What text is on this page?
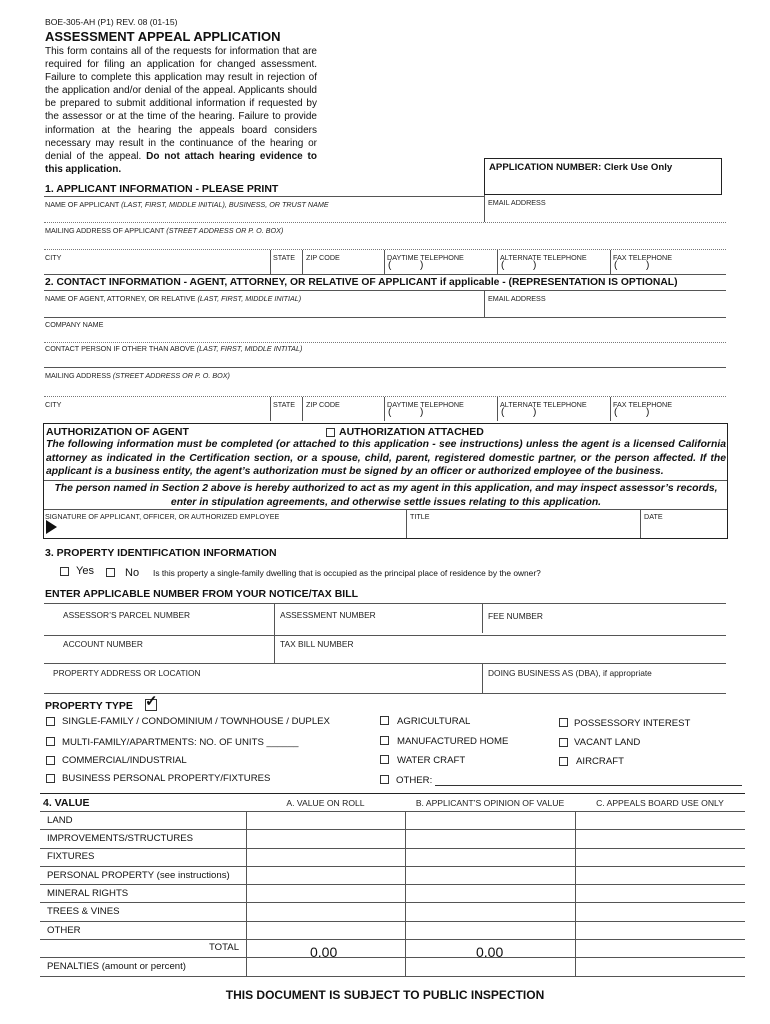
BOE-305-AH (P1) REV. 08 (01-15)
ASSESSMENT APPEAL APPLICATION
This form contains all of the requests for information that are required for filing an application for changed assessment. Failure to complete this application may result in rejection of the application and/or denial of the appeal. Applicants should be prepared to submit additional information if requested by the assessor or at the time of the hearing. Failure to provide information at the hearing the appeals board considers necessary may result in the continuance of the hearing or denial of the appeal. Do not attach hearing evidence to this application.	APPLICATION NUMBER: Clerk Use Only
1. APPLICANT INFORMATION - PLEASE PRINT
NAME OF APPLICANT (LAST, FIRST, MIDDLE INITIAL), BUSINESS, OR TRUST NAME	EMAIL ADDRESS
MAILING ADDRESS OF APPLICANT (STREET ADDRESS OR P. O. BOX)
CITY	STATE ZIP CODE	DAYTIME TELEPHONE	ALTERNATE TELEPHONE	FAX TELEPHONE
(	)	(	)	(	)
2. CONTACT INFORMATION - AGENT, ATTORNEY, OR RELATIVE OF APPLICANT if applicable - (REPRESENTATION IS OPTIONAL)
NAME OF AGENT, ATTORNEY, OR RELATIVE (LAST, FIRST, MIDDLE INITIAL)	EMAIL ADDRESS
COMPANY NAME
CONTACT PERSON IF OTHER THAN ABOVE (LAST, FIRST, MIDDLE INTITAL)
MAILING ADDRESS (STREET ADDRESS OR P. O. BOX)
CITY	STATE ZIP CODE	DAYTIME TELEPHONE	ALTERNATE TELEPHONE	FAX TELEPHONE
(	)	(	)	(	)
AUTHORIZATION OF AGENT	AUTHORIZATION ATTACHED
The following information must be completed (or attached to this application - see instructions) unless the agent is a licensed California attorney as indicated in the Certification section, or a spouse, child, parent, registered domestic partner, or the person affected. If the applicant is a business entity, the agent’s authorization must be signed by an officer or authorized employee of the business.
The person named in Section 2 above is hereby authorized to act as my agent in this application, and may inspect assessor’s records, enter in stipulation agreements, and otherwise settle issues relating to this application.
SIGNATURE OF APPLICANT, OFFICER, OR AUTHORIZED EMPLOYEE	TITLE	DATE
3. PROPERTY IDENTIFICATION INFORMATION
Yes	No Is this property a single-family dwelling that is occupied as the principal place of residence by the owner?
ENTER APPLICABLE NUMBER FROM YOUR NOTICE/TAX BILL
ASSESSOR’S PARCEL NUMBER	ASSESSMENT NUMBER	FEE NUMBER
ACCOUNT NUMBER	TAX BILL NUMBER
PROPERTY ADDRESS OR LOCATION	DOING BUSINESS AS (DBA), if appropriate
PROPERTY TYPE ✓
SINGLE-FAMILY / CONDOMINIUM / TOWNHOUSE / DUPLEX
MULTI-FAMILY/APARTMENTS: NO. OF UNITS ______
COMMERCIAL/INDUSTRIAL
BUSINESS PERSONAL PROPERTY/FIXTURES
AGRICULTURAL
MANUFACTURED HOME
WATER CRAFT
OTHER:
POSSESSORY INTEREST
VACANT LAND
AIRCRAFT
4. VALUE	A. VALUE ON ROLL	B. APPLICANT’S OPINION OF VALUE	C. APPEALS BOARD USE ONLY
LAND
IMPROVEMENTS/STRUCTURES
FIXTURES
PERSONAL PROPERTY (see instructions)
MINERAL RIGHTS
TREES & VINES
OTHER
TOTAL	0.00	0.00
PENALTIES (amount or percent)
THIS DOCUMENT IS SUBJECT TO PUBLIC INSPECTION
